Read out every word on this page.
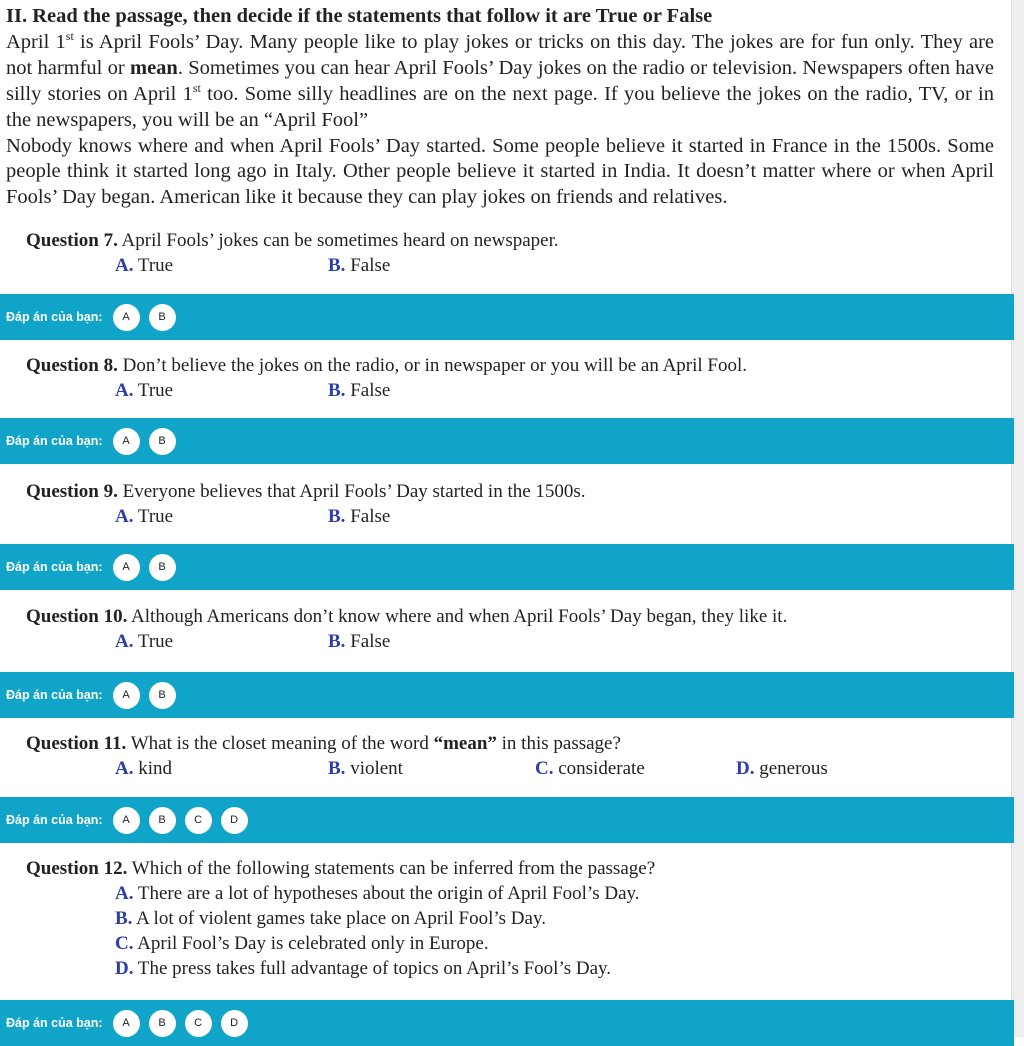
II. Read the passage, then decide if the statements that follow it are True or False

April 1st is April Fools’ Day. Many people like to play jokes or tricks on this day. The jokes are for fun only. They are not harmful or mean. Sometimes you can hear April Fools’ Day jokes on the radio or television. Newspapers often have silly stories on April 1st too. Some silly headlines are on the next page. If you believe the jokes on the radio, TV, or in the newspapers, you will be an “April Fool”

Nobody knows where and when April Fools’ Day started. Some people believe it started in France in the 1500s. Some people think it started long ago in Italy. Other people believe it started in India. It doesn’t matter where or when April Fools’ Day began. American like it because they can play jokes on friends and relatives.

Question 7. April Fools’ jokes can be sometimes heard on newspaper.
A. True	B. False
Đáp án của bạn:	A	B
Question 8. Don’t believe the jokes on the radio, or in newspaper or you will be an April Fool.
A. True	B. False
Đáp án của bạn:	A	B
Question 9. Everyone believes that April Fools’ Day started in the 1500s.
A. True	B. False
Đáp án của bạn:	A	B
Question 10. Although Americans don’t know where and when April Fools’ Day began, they like it.
A. True	B. False
Đáp án của bạn:	A	B
Question 11. What is the closet meaning of the word “mean” in this passage?
A. kind	B. violent	C. considerate	D. generous
Đáp án của bạn:	A	B	C	D
Question 12. Which of the following statements can be inferred from the passage?
A. There are a lot of hypotheses about the origin of April Fool’s Day.
B. A lot of violent games take place on April Fool’s Day.
C. April Fool’s Day is celebrated only in Europe.
D. The press takes full advantage of topics on April’s Fool’s Day.
Đáp án của bạn:	A	B	C	D
